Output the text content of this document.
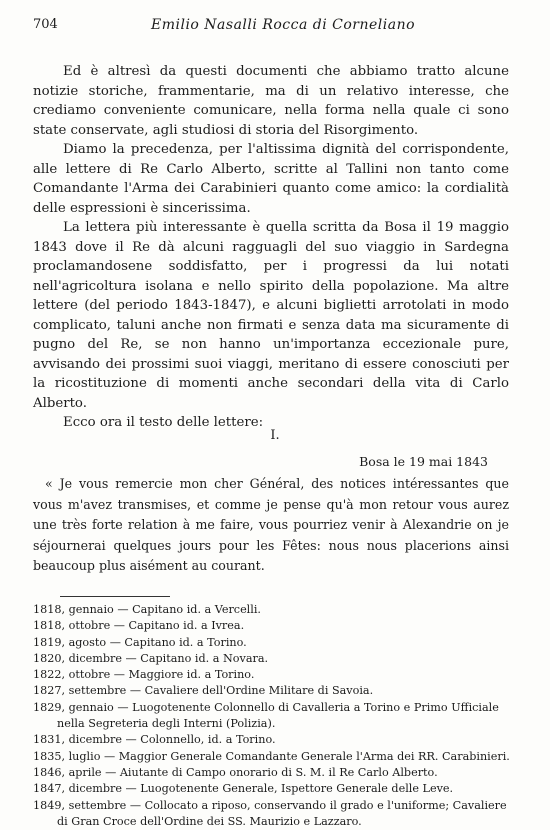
704	Emilio Nasalli Rocca di Corneliano

Ed è altresì da questi documenti che abbiamo tratto alcune notizie storiche, frammentarie, ma di un relativo interesse, che crediamo conveniente comunicare, nella forma nella quale ci sono state conservate, agli studiosi di storia del Risorgimento.

Diamo la precedenza, per l'altissima dignità del corrispondente, alle lettere di Re Carlo Alberto, scritte al Tallini non tanto come Comandante l'Arma dei Carabinieri quanto come amico: la cordialità delle espressioni è sincerissima.

La lettera più interessante è quella scritta da Bosa il 19 maggio 1843 dove il Re dà alcuni ragguagli del suo viaggio in Sardegna proclamandosene soddisfatto, per i progressi da lui notati nell'agricoltura isolana e nello spirito della popolazione. Ma altre lettere (del periodo 1843-1847), e alcuni biglietti arrotolati in modo complicato, taluni anche non firmati e senza data ma sicuramente di pugno del Re, se non hanno un'importanza eccezionale pure, avvisando dei prossimi suoi viaggi, meritano di essere conosciuti per la ricostituzione di momenti anche secondari della vita di Carlo Alberto.

Ecco ora il testo delle lettere:

I.
Bosa le 19 mai 1843

« Je vous remercie mon cher Général, des notices intéressantes que vous m'avez transmises, et comme je pense qu'à mon retour vous aurez une très forte relation à me faire, vous pourriez venir à Alexandrie on je séjournerai quelques jours pour les Fêtes: nous nous placerions ainsi beaucoup plus aisément au courant.

1818, gennaio — Capitano id. a Vercelli.

1818, ottobre — Capitano id. a Ivrea.

1819, agosto — Capitano id. a Torino.

1820, dicembre — Capitano id. a Novara.

1822, ottobre — Maggiore id. a Torino.

1827, settembre — Cavaliere dell'Ordine Militare di Savoia.

1829, gennaio — Luogotenente Colonnello di Cavalleria a Torino e Primo Ufficiale nella Segreteria degli Interni (Polizia).

1831, dicembre — Colonnello, id. a Torino.

1835, luglio — Maggior Generale Comandante Generale l'Arma dei RR. Carabinieri.

1846, aprile — Aiutante di Campo onorario di S. M. il Re Carlo Alberto.

1847, dicembre — Luogotenente Generale, Ispettore Generale delle Leve.

1849, settembre — Collocato a riposo, conservando il grado e l'uniforme; Cavaliere di Gran Croce dell'Ordine dei SS. Maurizio e Lazzaro.
